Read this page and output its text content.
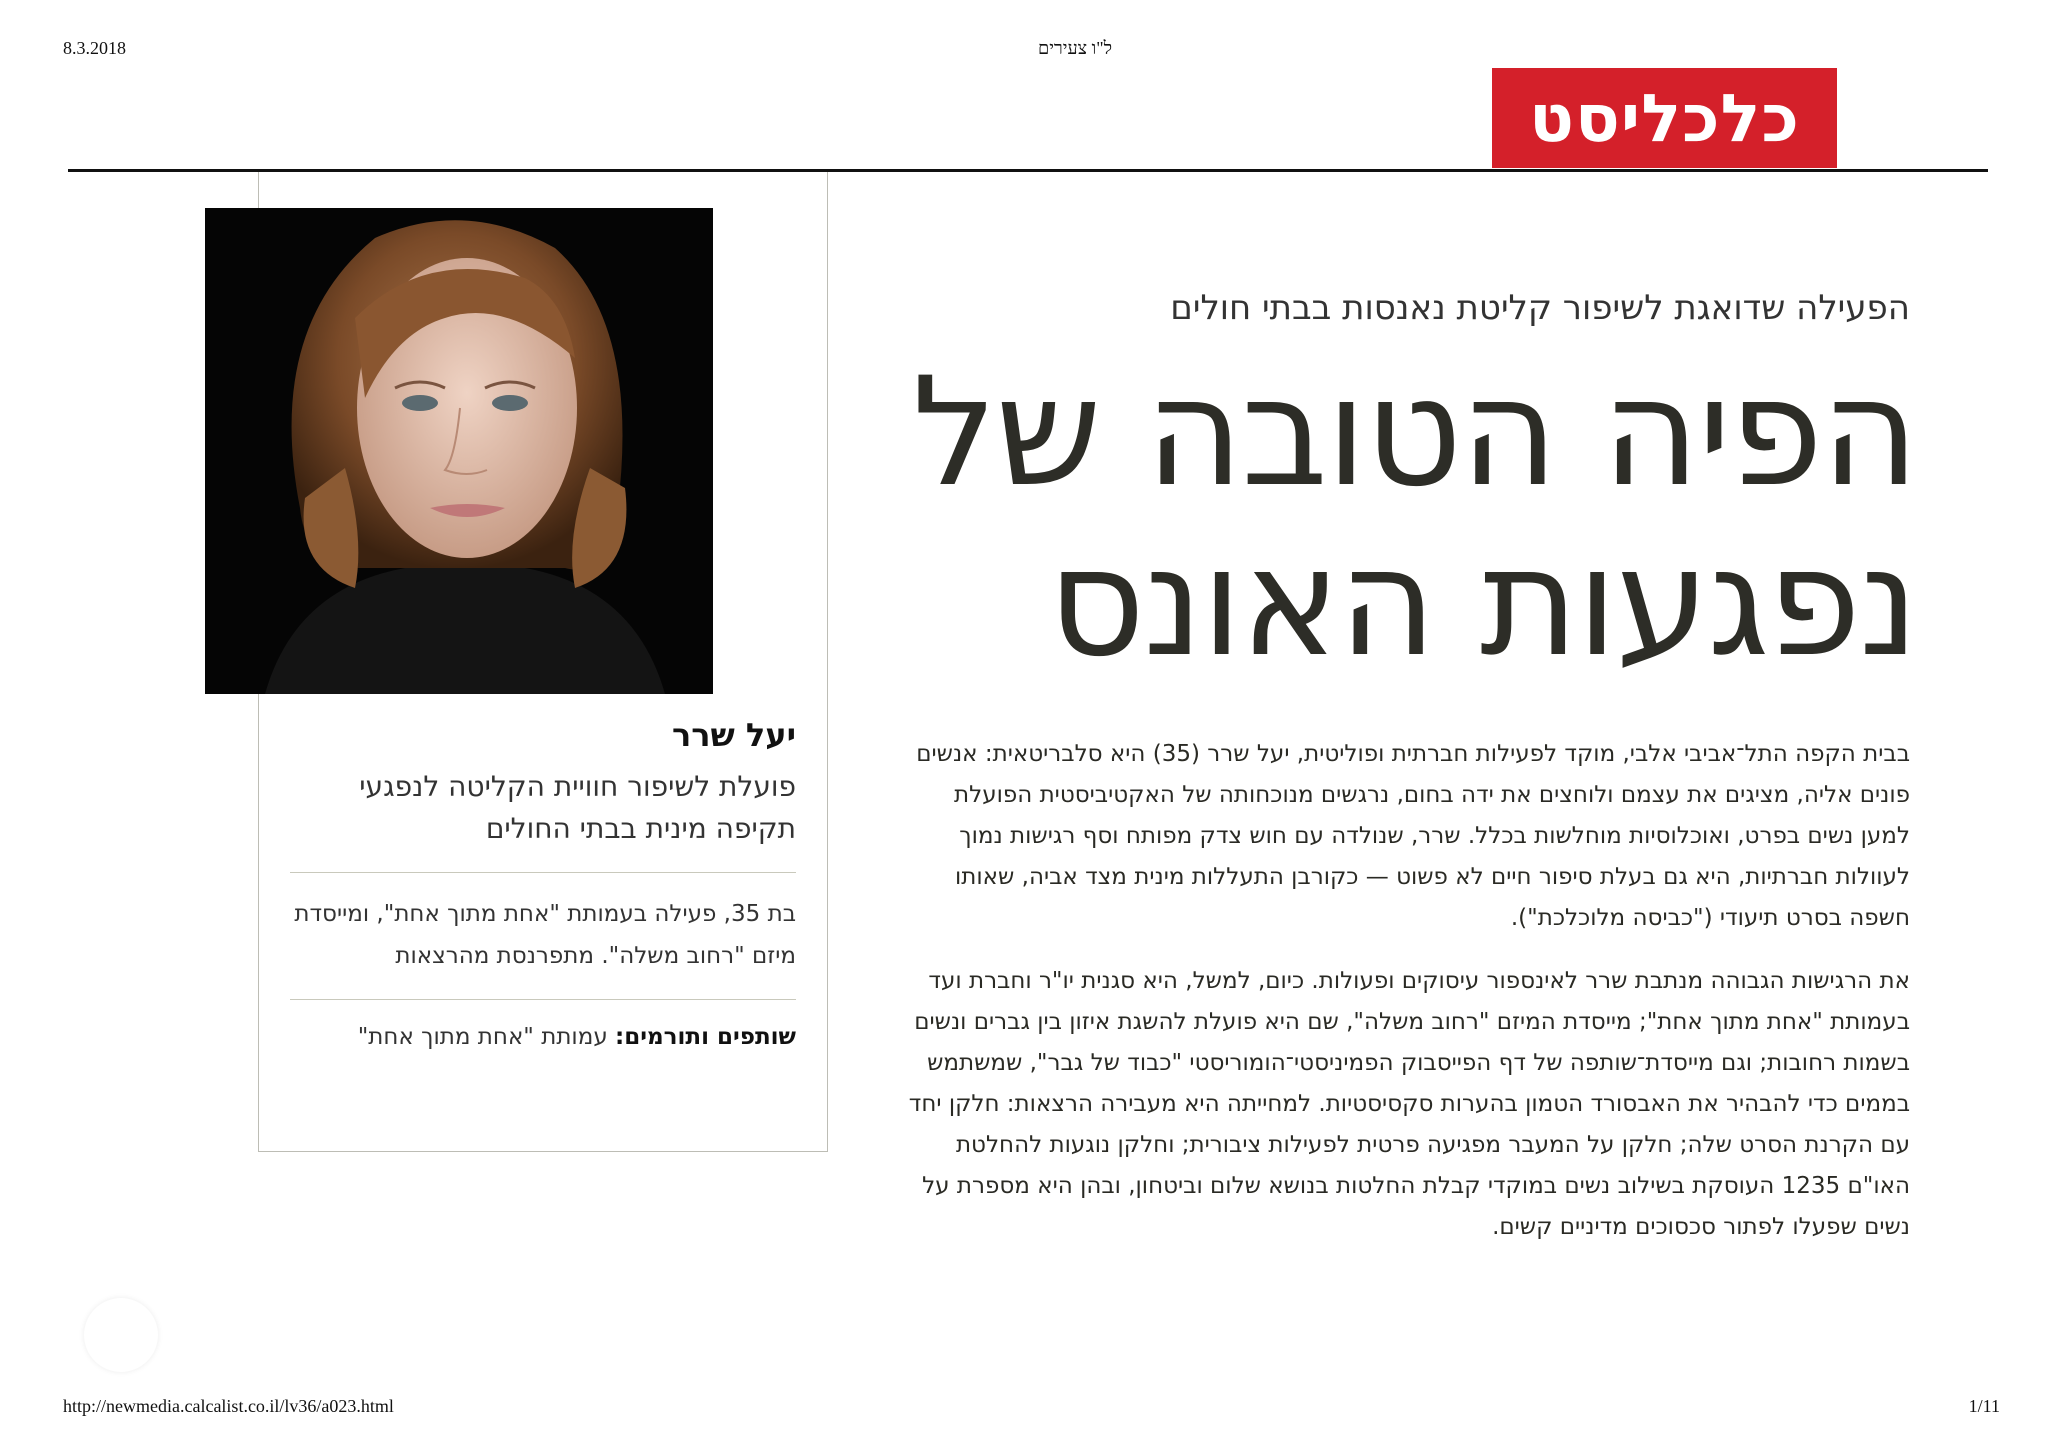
8.3.2018	ל"ו צעירים
כלכליסט
יעל שרר

פועלת לשיפור חוויית הקליטה לנפגעי תקיפה מינית בבתי החולים

בת 35, פעילה בעמותת "אחת מתוך אחת", ומייסדת מיזם "רחוב משלה". מתפרנסת מהרצאות

שותפים ותורמים: עמותת "אחת מתוך אחת"

הפעילה שדואגת לשיפור קליטת נאנסות בבתי חולים
הפיה הטובה של נפגעות האונס

בבית הקפה התל־אביבי אלבי, מוקד לפעילות חברתית ופוליטית, יעל שרר (35) היא סלבריטאית: אנשים פונים אליה, מציגים את עצמם ולוחצים את ידה בחום, נרגשים מנוכחותה של האקטיביסטית הפועלת למען נשים בפרט, ואוכלוסיות מוחלשות בכלל. שרר, שנולדה עם חוש צדק מפותח וסף רגישות נמוך לעוולות חברתיות, היא גם בעלת סיפור חיים לא פשוט — כקורבן התעללות מינית מצד אביה, שאותו חשפה בסרט תיעודי ("כביסה מלוכלכת").

את הרגישות הגבוהה מנתבת שרר לאינספור עיסוקים ופעולות. כיום, למשל, היא סגנית יו"ר וחברת ועד בעמותת "אחת מתוך אחת"; מייסדת המיזם "רחוב משלה", שם היא פועלת להשגת איזון בין גברים ונשים בשמות רחובות; וגם מייסדת־שותפה של דף הפייסבוק הפמיניסטי־הומוריסטי "כבוד של גבר", שמשתמש בממים כדי להבהיר את האבסורד הטמון בהערות סקסיסטיות. למחייתה היא מעבירה הרצאות: חלקן יחד עם הקרנת הסרט שלה; חלקן על המעבר מפגיעה פרטית לפעילות ציבורית; וחלקן נוגעות להחלטת האו"ם 1235 העוסקת בשילוב נשים במוקדי קבלת החלטות בנושא שלום וביטחון, ובהן היא מספרת על נשים שפעלו לפתור סכסוכים מדיניים קשים.

http://newmedia.calcalist.co.il/lv36/a023.html	1/11
